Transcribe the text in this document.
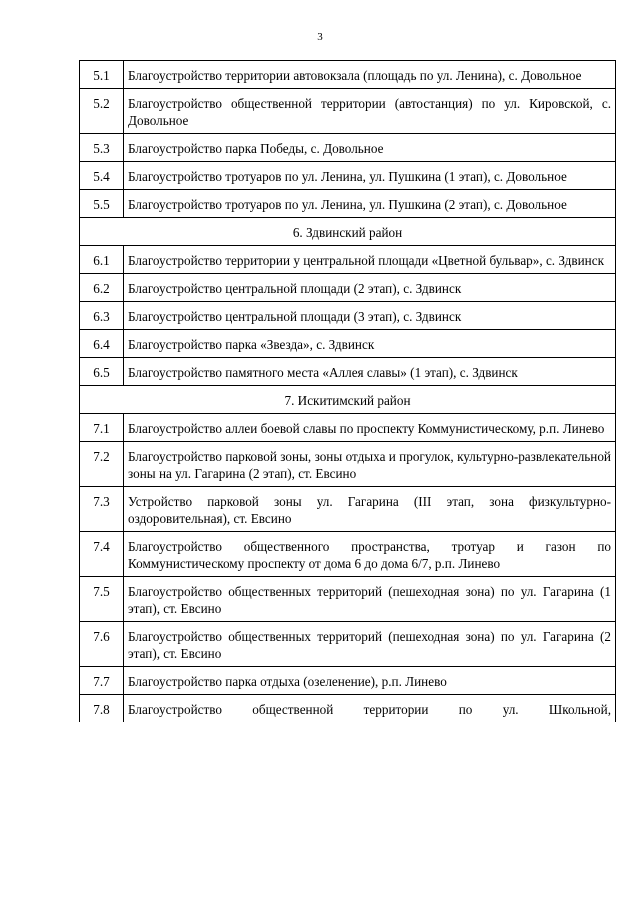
3
5.1	Благоустройство территории автовокзала (площадь по ул. Ленина), с. Довольное
5.2	Благоустройство общественной территории (автостанция) по ул. Кировской, с. Довольное
5.3	Благоустройство парка Победы, с. Довольное
5.4	Благоустройство тротуаров по ул. Ленина, ул. Пушкина (1 этап), с. Довольное
5.5	Благоустройство тротуаров по ул. Ленина, ул. Пушкина (2 этап), с. Довольное
6. Здвинский район	
6.1	Благоустройство территории у центральной площади «Цветной бульвар», с. Здвинск
6.2	Благоустройство центральной площади (2 этап), с. Здвинск
6.3	Благоустройство центральной площади (3 этап), с. Здвинск
6.4	Благоустройство парка «Звезда», с. Здвинск
6.5	Благоустройство памятного места «Аллея славы» (1 этап), с. Здвинск
7. Искитимский район	
7.1	Благоустройство аллеи боевой славы по проспекту Коммунистическому, р.п. Линево
7.2	Благоустройство парковой зоны, зоны отдыха и прогулок, культурно-развлекательной зоны на ул. Гагарина (2 этап), ст. Евсино
7.3	Устройство парковой зоны ул. Гагарина (III этап, зона физкультурно-оздоровительная), ст. Евсино
7.4	Благоустройство общественного пространства, тротуар и газон по Коммунистическому проспекту от дома 6 до дома 6/7, р.п. Линево
7.5	Благоустройство общественных территорий (пешеходная зона) по ул. Гагарина (1 этап), ст. Евсино
7.6	Благоустройство общественных территорий (пешеходная зона) по ул. Гагарина (2 этап), ст. Евсино
7.7	Благоустройство парка отдыха (озеленение), р.п. Линево
7.8	Благоустройство общественной территории по ул. Школьной,
